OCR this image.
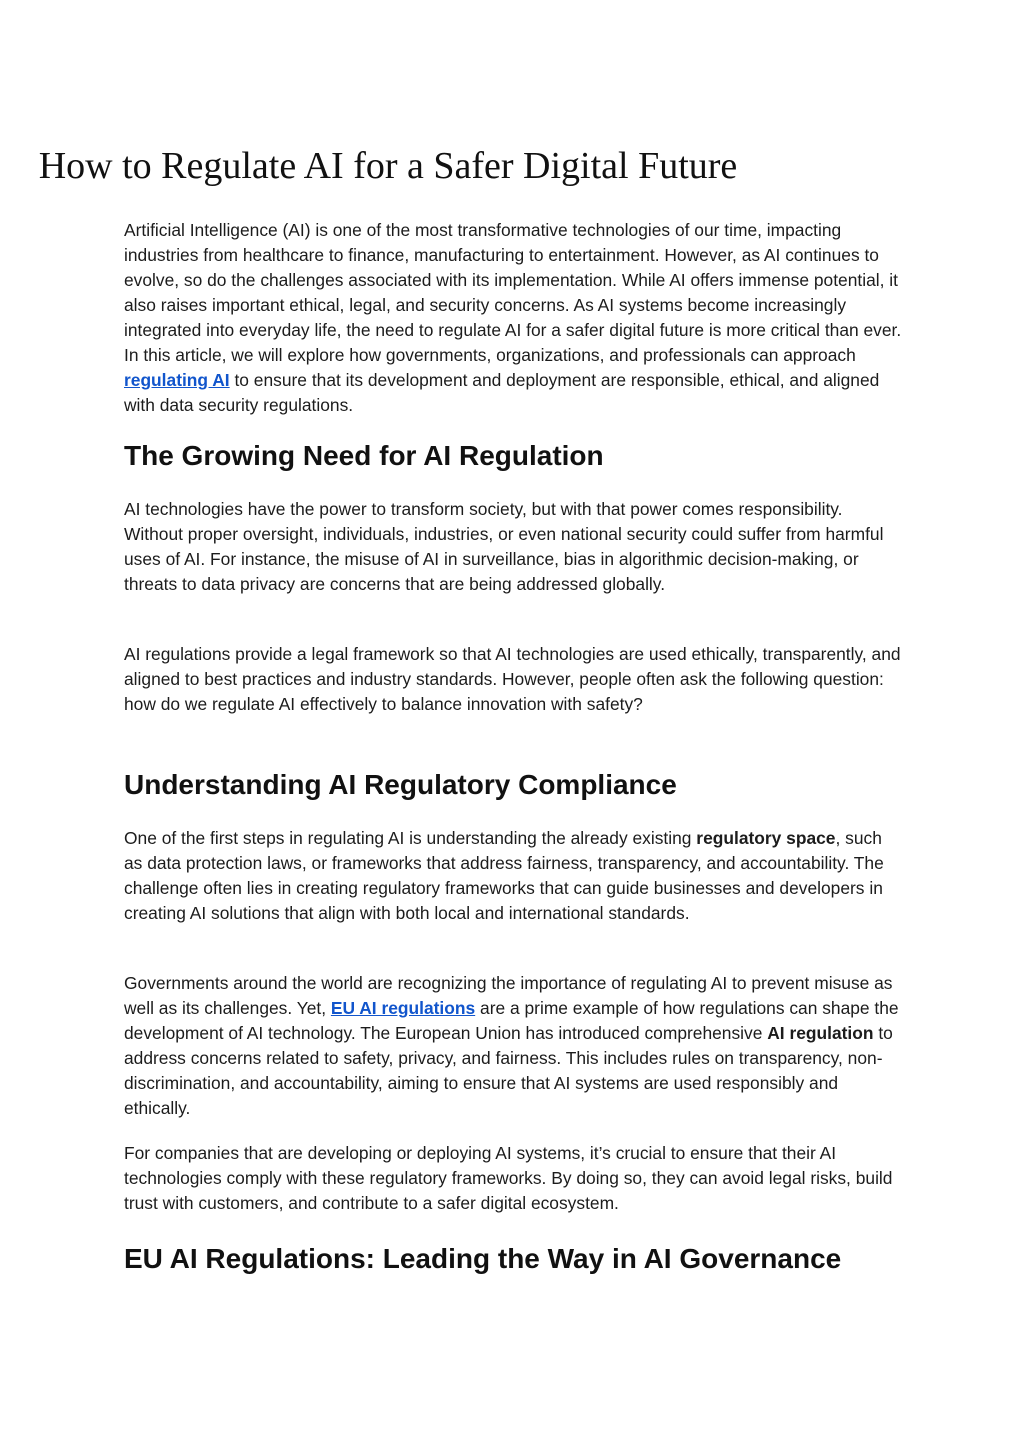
How to Regulate AI for a Safer Digital Future

Artificial Intelligence (AI) is one of the most transformative technologies of our time, impacting industries from healthcare to finance, manufacturing to entertainment. However, as AI continues to evolve, so do the challenges associated with its implementation. While AI offers immense potential, it also raises important ethical, legal, and security concerns. As AI systems become increasingly integrated into everyday life, the need to regulate AI for a safer digital future is more critical than ever. In this article, we will explore how governments, organizations, and professionals can approach regulating AI to ensure that its development and deployment are responsible, ethical, and aligned with data security regulations.

The Growing Need for AI Regulation

AI technologies have the power to transform society, but with that power comes responsibility. Without proper oversight, individuals, industries, or even national security could suffer from harmful uses of AI. For instance, the misuse of AI in surveillance, bias in algorithmic decision-making, or threats to data privacy are concerns that are being addressed globally.

AI regulations provide a legal framework so that AI technologies are used ethically, transparently, and aligned to best practices and industry standards. However, people often ask the following question: how do we regulate AI effectively to balance innovation with safety?

Understanding AI Regulatory Compliance

One of the first steps in regulating AI is understanding the already existing regulatory space, such as data protection laws, or frameworks that address fairness, transparency, and accountability. The challenge often lies in creating regulatory frameworks that can guide businesses and developers in creating AI solutions that align with both local and international standards.

Governments around the world are recognizing the importance of regulating AI to prevent misuse as well as its challenges. Yet, EU AI regulations are a prime example of how regulations can shape the development of AI technology. The European Union has introduced comprehensive AI regulation to address concerns related to safety, privacy, and fairness. This includes rules on transparency, non-discrimination, and accountability, aiming to ensure that AI systems are used responsibly and ethically.

For companies that are developing or deploying AI systems, it’s crucial to ensure that their AI technologies comply with these regulatory frameworks. By doing so, they can avoid legal risks, build trust with customers, and contribute to a safer digital ecosystem.

EU AI Regulations: Leading the Way in AI Governance
